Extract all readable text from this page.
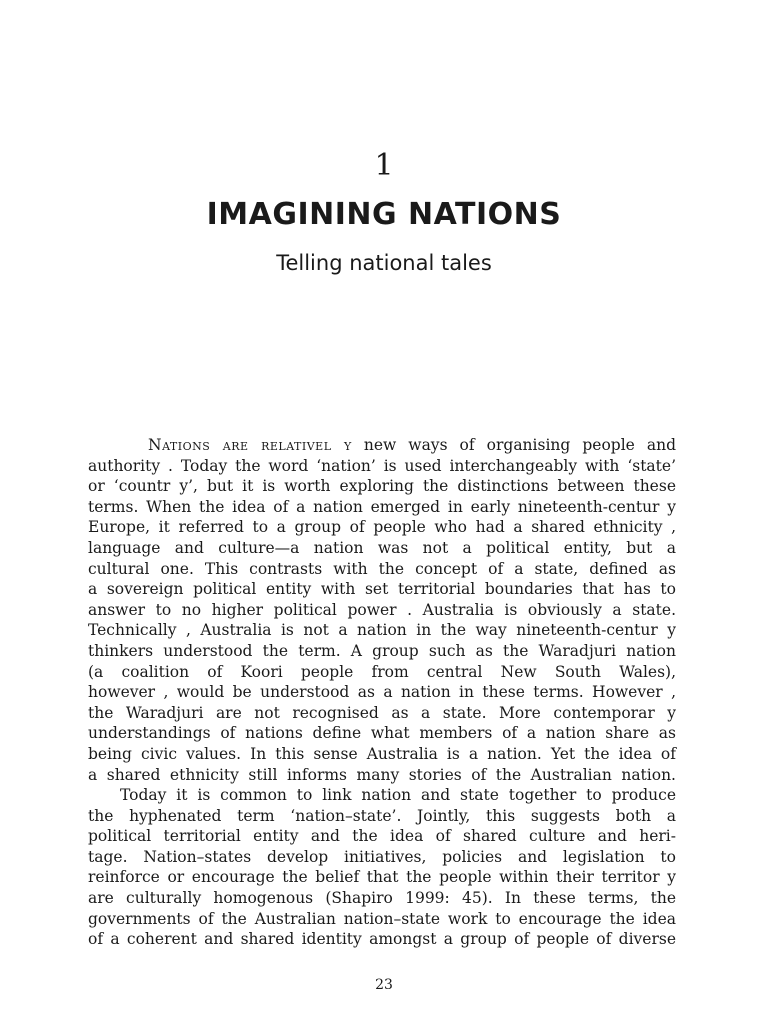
1
IMAGINING NATIONS
Telling national tales
Nations are relativel y new ways of organising people and
authority . Today the word ‘nation’ is used interchangeably with ‘state’
or ‘countr y’, but it is worth exploring the distinctions between these
terms. When the idea of a nation emerged in early nineteenth-centur y
Europe, it referred to a group of people who had a shared ethnicity ,
language and culture—a nation was not a political entity, but a
cultural one. This contrasts with the concept of a state, defined as
a sovereign political entity with set territorial boundaries that has to
answer to no higher political power . Australia is obviously a state.
Technically , Australia is not a nation in the way nineteenth-centur y
thinkers understood the term. A group such as the Waradjuri nation
(a coalition of Koori people from central New South Wales),
however , would be understood as a nation in these terms. However ,
the Waradjuri are not recognised as a state. More contemporar y
understandings of nations define what members of a nation share as
being civic values. In this sense Australia is a nation. Yet the idea of
a shared ethnicity still informs many stories of the Australian nation.
Today it is common to link nation and state together to produce
the hyphenated term ‘nation–state’. Jointly, this suggests both a
political territorial entity and the idea of shared culture and heri-
tage. Nation–states develop initiatives, policies and legislation to
reinforce or encourage the belief that the people within their territor y
are culturally homogenous (Shapiro 1999: 45). In these terms, the
governments of the Australian nation–state work to encourage the idea
of a coherent and shared identity amongst a group of people of diverse
23
